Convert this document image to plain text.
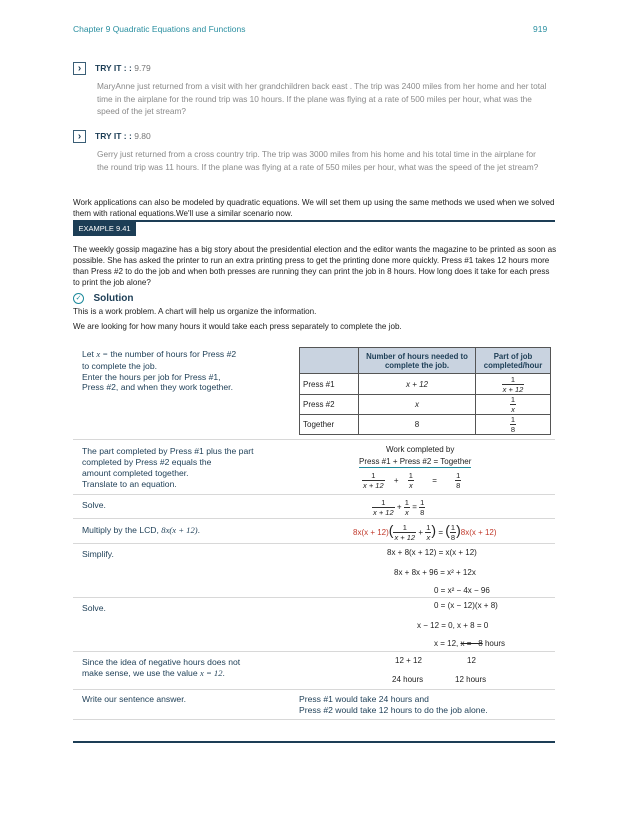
Chapter 9 Quadratic Equations and Functions	919
› TRY IT : : 9.79
MaryAnne just returned from a visit with her grandchildren back east . The trip was 2400 miles from her home and her total time in the airplane for the round trip was 10 hours. If the plane was flying at a rate of 500 miles per hour, what was the speed of the jet stream?
› TRY IT : : 9.80
Gerry just returned from a cross country trip. The trip was 3000 miles from his home and his total time in the airplane for the round trip was 11 hours. If the plane was flying at a rate of 550 miles per hour, what was the speed of the jet stream?
Work applications can also be modeled by quadratic equations. We will set them up using the same methods we used when we solved them with rational equations.We'll use a similar scenario now.
EXAMPLE 9.41
The weekly gossip magazine has a big story about the presidential election and the editor wants the magazine to be printed as soon as possible. She has asked the printer to run an extra printing press to get the printing done more quickly. Press #1 takes 12 hours more than Press #2 to do the job and when both presses are running they can print the job in 8 hours. How long does it take for each press to print the job alone?
✓ Solution
This is a work problem. A chart will help us organize the information.
We are looking for how many hours it would take each press separately to complete the job.
Let x = the number of hours for Press #2
to complete the job.
Enter the hours per job for Press #1,
Press #2, and when they work together.
	Number of hours needed to complete the job.	Part of job completed/hour
Press #1	x + 12	$\frac{1}{x + 12}$

Press #2	x	$\frac{1}{x}$

Together	8	$\frac{1}{8}$
The part completed by Press #1 plus the part
completed by Press #2 equals the
amount completed together.
Translate to an equation.
Work completed by
Press #1 + Press #2 = Together
$\frac{1}{x + 12} + \frac{1}{x} = \frac{1}{8}$
Solve.	$\frac{1}{x + 12} + \frac{1}{x} = \frac{1}{8}$
Multiply by the LCD, 8x(x + 12).	$8x(x + 12)( \frac{1}{x + 12} + \frac{1}{x}$ ) = ( $\frac{1}{8} )8x(x + 12)$
Simplify.	8x + 8(x + 12) = x(x + 12)
8x + 8x + 96 = x² + 12x
0 = x² − 4x − 96
Solve.	0 = (x − 12)(x + 8)
x − 12 = 0, x + 8 = 0
x = 12, x = −8 hours
Since the idea of negative hours does not
make sense, we use the value x = 12.
12 + 12	12
24 hours	12 hours
Write our sentence answer.	Press #1 would take 24 hours and
Press #2 would take 12 hours to do the job alone.
